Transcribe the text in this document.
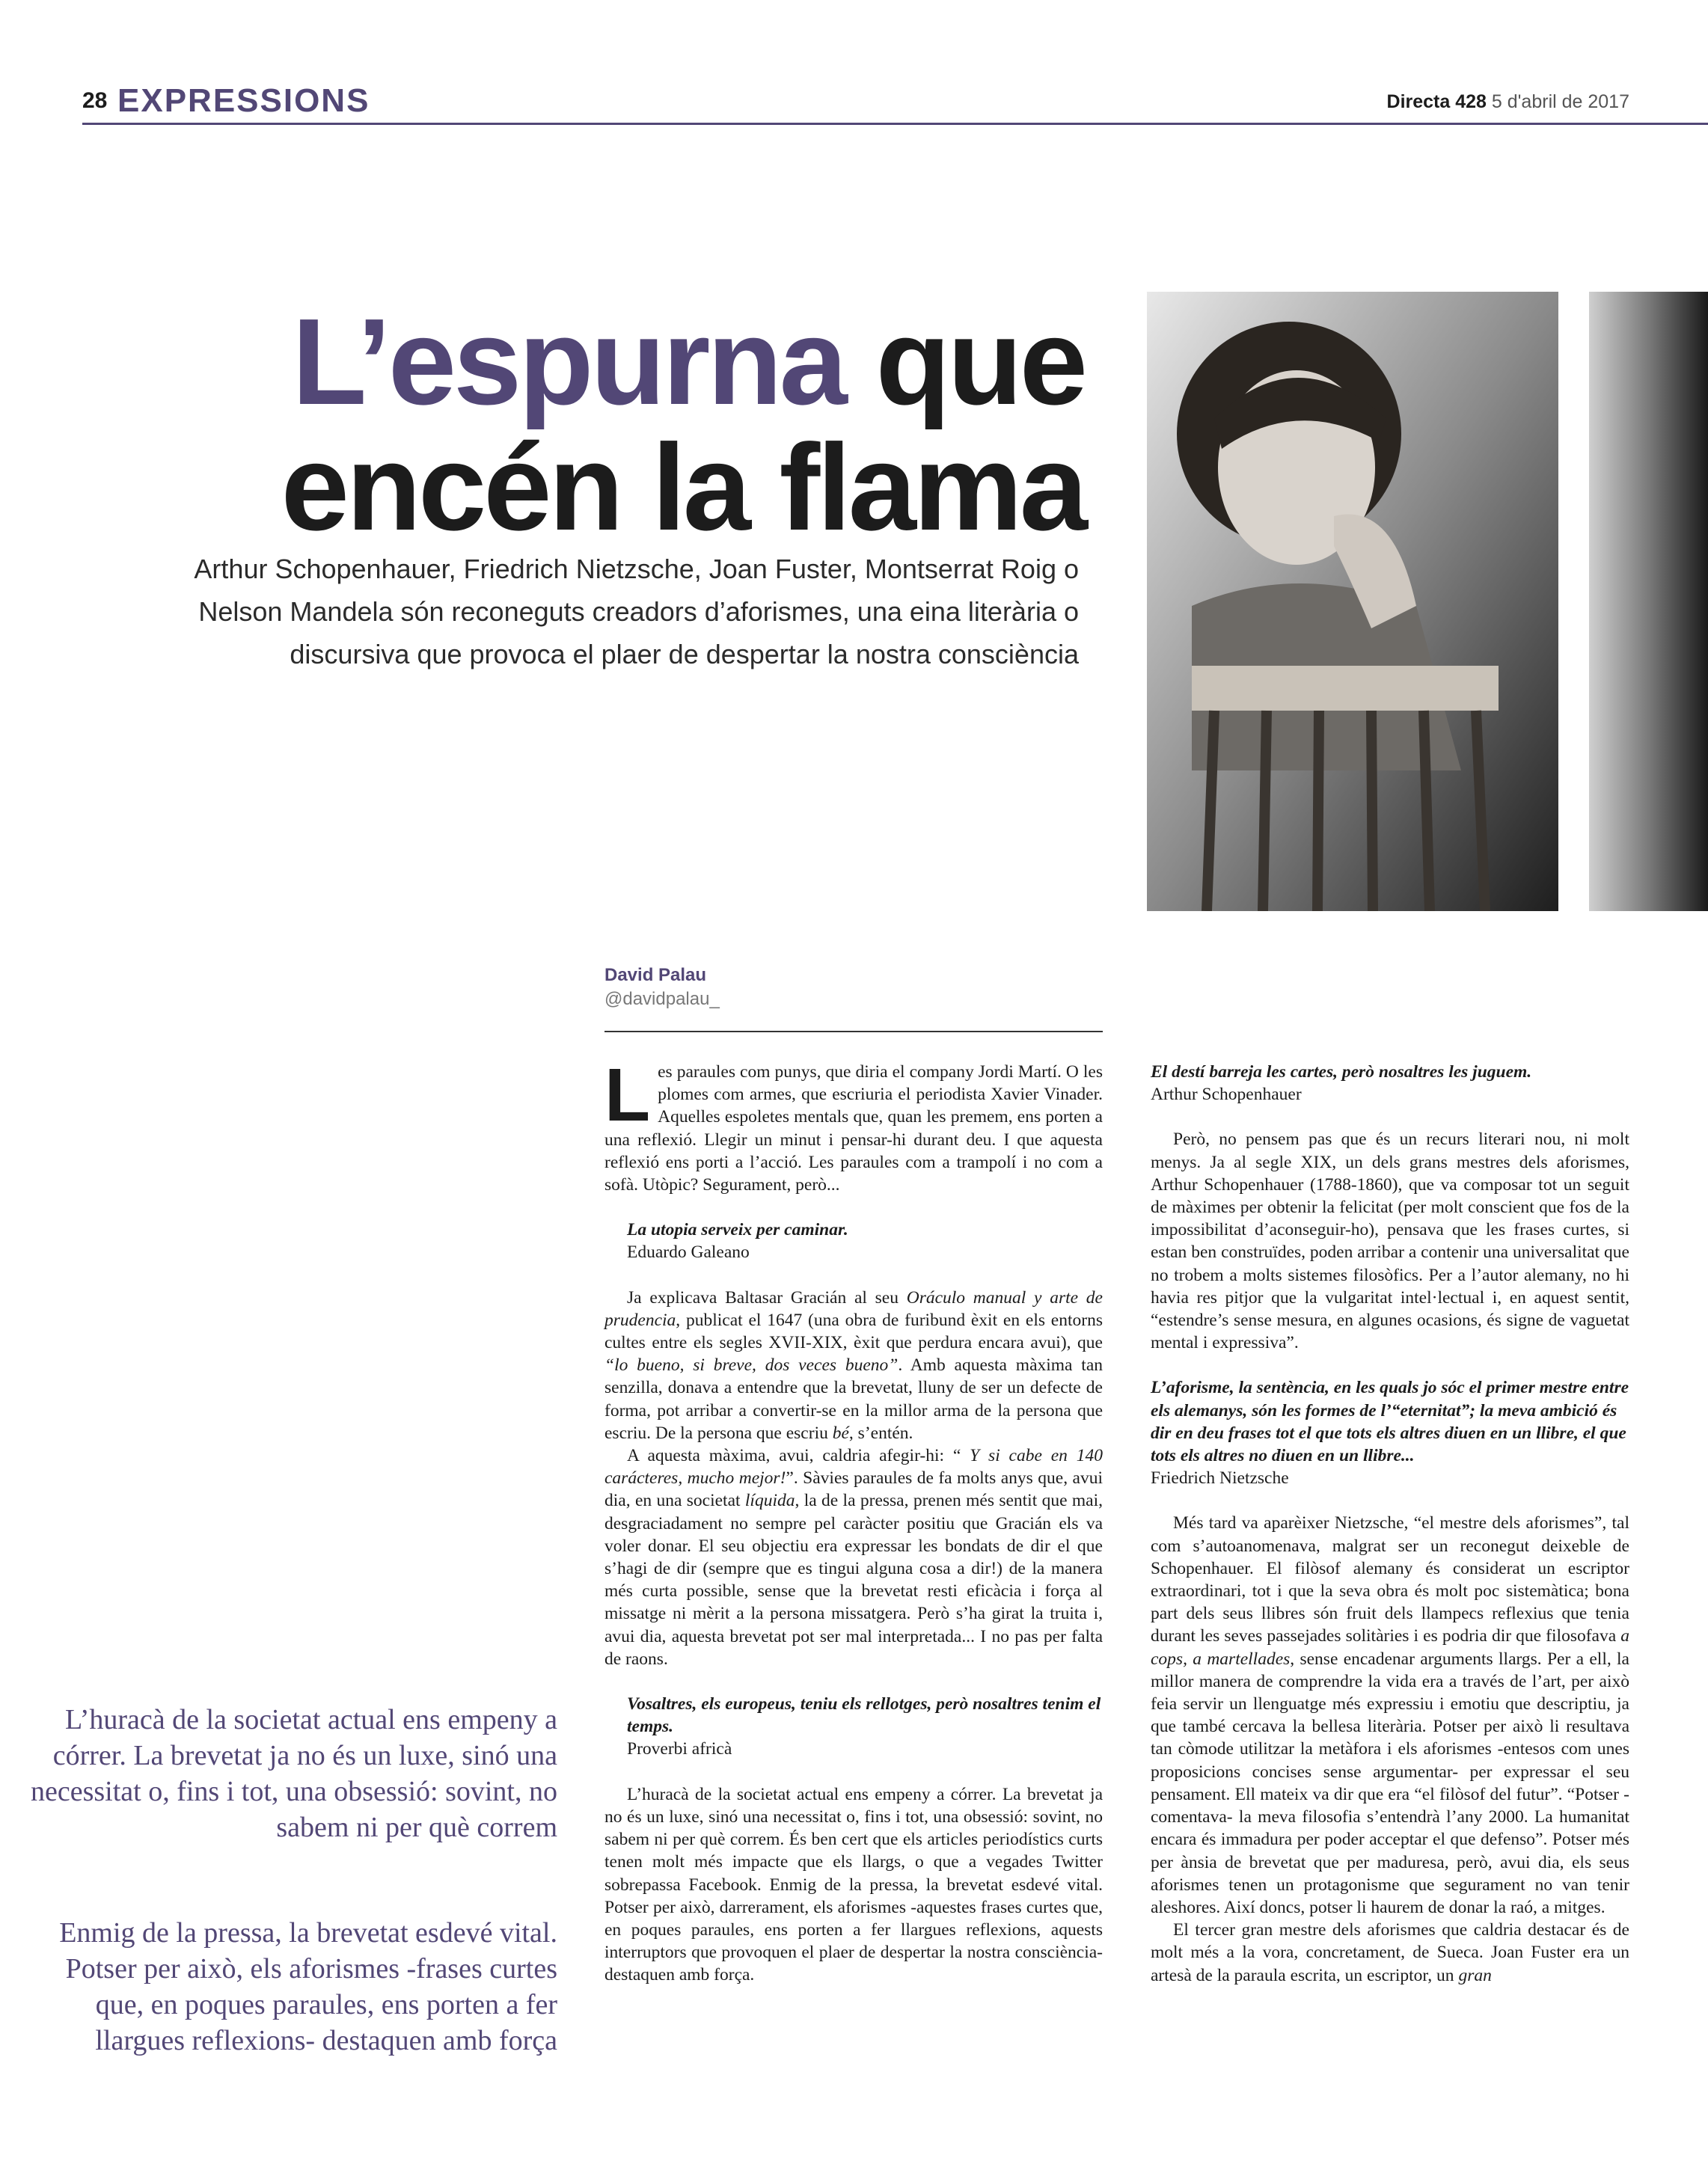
28 EXPRESSIONS	Directa 428 5 d'abril de 2017
L’espurna que
encén la flama
Arthur Schopenhauer, Friedrich Nietzsche, Joan Fuster, Montserrat Roig o Nelson Mandela són reconeguts creadors d’aforismes, una eina literària o discursiva que provoca el plaer de despertar la nostra consciència
David Palau
@davidpalau_

Les paraules com punys, que diria el company Jordi Martí. O les plomes com armes, que escriuria el periodista Xavier Vinader. Aquelles espoletes mentals que, quan les premem, ens porten a una reflexió. Llegir un minut i pensar-hi durant deu. I que aquesta reflexió ens porti a l’acció. Les paraules com a trampolí i no com a sofà. Utòpic? Segurament, però...

La utopia serveix per caminar.
Eduardo Galeano

Ja explicava Baltasar Gracián al seu Oráculo manual y arte de prudencia, publicat el 1647 (una obra de furibund èxit en els entorns cultes entre els segles XVII-XIX, èxit que perdura encara avui), que “lo bueno, si breve, dos veces bueno”. Amb aquesta màxima tan senzilla, donava a entendre que la brevetat, lluny de ser un defecte de forma, pot arribar a convertir-se en la millor arma de la persona que escriu. De la persona que escriu bé, s’entén.

A aquesta màxima, avui, caldria afegir-hi: “ Y si cabe en 140 carácteres, mucho mejor!”. Sàvies paraules de fa molts anys que, avui dia, en una societat líquida, la de la pressa, prenen més sentit que mai, desgraciadament no sempre pel caràcter positiu que Gracián els va voler donar. El seu objectiu era expressar les bondats de dir el que s’hagi de dir (sempre que es tingui alguna cosa a dir!) de la manera més curta possible, sense que la brevetat resti eficàcia i força al missatge ni mèrit a la persona missatgera. Però s’ha girat la truita i, avui dia, aquesta brevetat pot ser mal interpretada... I no pas per falta de raons.

Vosaltres, els europeus, teniu els rellotges, però nosaltres tenim el temps.
Proverbi africà

L’huracà de la societat actual ens empeny a córrer. La brevetat ja no és un luxe, sinó una necessitat o, fins i tot, una obsessió: sovint, no sabem ni per què correm. És ben cert que els articles periodístics curts tenen molt més impacte que els llargs, o que a vegades Twitter sobrepassa Facebook. Enmig de la pressa, la brevetat esdevé vital. Potser per això, darrerament, els aforismes -aquestes frases curtes que, en poques paraules, ens porten a fer llargues reflexions, aquests interruptors que provoquen el plaer de despertar la nostra consciència- destaquen amb força.

El destí barreja les cartes, però nosaltres les juguem.
Arthur Schopenhauer

Però, no pensem pas que és un recurs literari nou, ni molt menys. Ja al segle XIX, un dels grans mestres dels aforismes, Arthur Schopenhauer (1788-1860), que va composar tot un seguit de màximes per obtenir la felicitat (per molt conscient que fos de la impossibilitat d’aconseguir-ho), pensava que les frases curtes, si estan ben construïdes, poden arribar a contenir una universalitat que no trobem a molts sistemes filosòfics. Per a l’autor alemany, no hi havia res pitjor que la vulgaritat intel·lectual i, en aquest sentit, “estendre’s sense mesura, en algunes ocasions, és signe de vaguetat mental i expressiva”.

L’aforisme, la sentència, en les quals jo sóc el primer mestre entre els alemanys, són les formes de l’“eternitat”; la meva ambició és dir en deu frases tot el que tots els altres diuen en un llibre, el que tots els altres no diuen en un llibre...
Friedrich Nietzsche

Més tard va aparèixer Nietzsche, “el mestre dels aforismes”, tal com s’autoanomenava, malgrat ser un reconegut deixeble de Schopenhauer. El filòsof alemany és considerat un escriptor extraordinari, tot i que la seva obra és molt poc sistemàtica; bona part dels seus llibres són fruit dels llampecs reflexius que tenia durant les seves passejades solitàries i es podria dir que filosofava a cops, a martellades, sense encadenar arguments llargs. Per a ell, la millor manera de comprendre la vida era a través de l’art, per això feia servir un llenguatge més expressiu i emotiu que descriptiu, ja que també cercava la bellesa literària. Potser per això li resultava tan còmode utilitzar la metàfora i els aforismes -entesos com unes proposicions concises sense argumentar- per expressar el seu pensament. Ell mateix va dir que era “el filòsof del futur”. “Potser -comentava- la meva filosofia s’entendrà l’any 2000. La humanitat encara és immadura per poder acceptar el que defenso”. Potser més per ànsia de brevetat que per maduresa, però, avui dia, els seus aforismes tenen un protagonisme que segurament no van tenir aleshores. Així doncs, potser li haurem de donar la raó, a mitges.

El tercer gran mestre dels aforismes que caldria destacar és de molt més a la vora, concretament, de Sueca. Joan Fuster era un artesà de la paraula escrita, un escriptor, un gran

L’huracà de la societat actual ens empeny a córrer. La brevetat ja no és un luxe, sinó una necessitat o, fins i tot, una obsessió: sovint, no sabem ni per què correm
Enmig de la pressa, la brevetat esdevé vital. Potser per això, els aforismes -frases curtes que, en poques paraules, ens porten a fer llargues reflexions- destaquen amb força
